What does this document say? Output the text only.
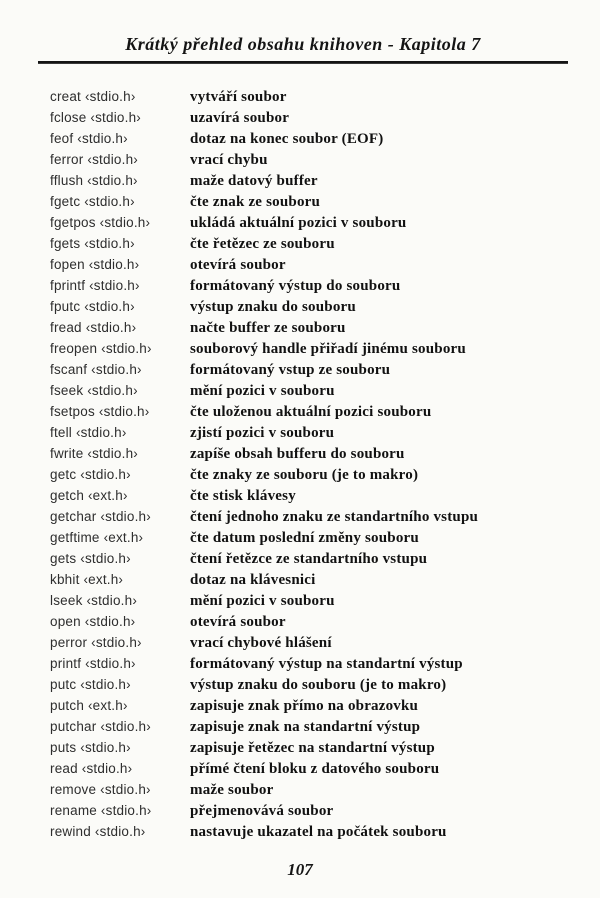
Krátký přehled obsahu knihoven - Kapitola 7
creat ‹stdio.h›	vytváří soubor
fclose ‹stdio.h›	uzavírá soubor
feof ‹stdio.h›	dotaz na konec soubor (EOF)
ferror ‹stdio.h›	vrací chybu
fflush ‹stdio.h›	maže datový buffer
fgetc ‹stdio.h›	čte znak ze souboru
fgetpos ‹stdio.h›	ukládá aktuální pozici v souboru
fgets ‹stdio.h›	čte řetězec ze souboru
fopen ‹stdio.h›	otevírá soubor
fprintf ‹stdio.h›	formátovaný výstup do souboru
fputc ‹stdio.h›	výstup znaku do souboru
fread ‹stdio.h›	načte buffer ze souboru
freopen ‹stdio.h›	souborový handle přiřadí jinému souboru
fscanf ‹stdio.h›	formátovaný vstup ze souboru
fseek ‹stdio.h›	mění pozici v souboru
fsetpos ‹stdio.h›	čte uloženou aktuální pozici souboru
ftell ‹stdio.h›	zjistí pozici v souboru
fwrite ‹stdio.h›	zapíše obsah bufferu do souboru
getc ‹stdio.h›	čte znaky ze souboru (je to makro)
getch ‹ext.h›	čte stisk klávesy
getchar ‹stdio.h›	čtení jednoho znaku ze standartního vstupu
getftime ‹ext.h›	čte datum poslední změny souboru
gets ‹stdio.h›	čtení řetězce ze standartního vstupu
kbhit ‹ext.h›	dotaz na klávesnici
lseek ‹stdio.h›	mění pozici v souboru
open ‹stdio.h›	otevírá soubor
perror ‹stdio.h›	vrací chybové hlášení
printf ‹stdio.h›	formátovaný výstup na standartní výstup
putc ‹stdio.h›	výstup znaku do souboru (je to makro)
putch ‹ext.h›	zapisuje znak přímo na obrazovku
putchar ‹stdio.h›	zapisuje znak na standartní výstup
puts ‹stdio.h›	zapisuje řetězec na standartní výstup
read ‹stdio.h›	přímé čtení bloku z datového souboru
remove ‹stdio.h›	maže soubor
rename ‹stdio.h›	přejmenovává soubor
rewind ‹stdio.h›	nastavuje ukazatel na počátek souboru
107
